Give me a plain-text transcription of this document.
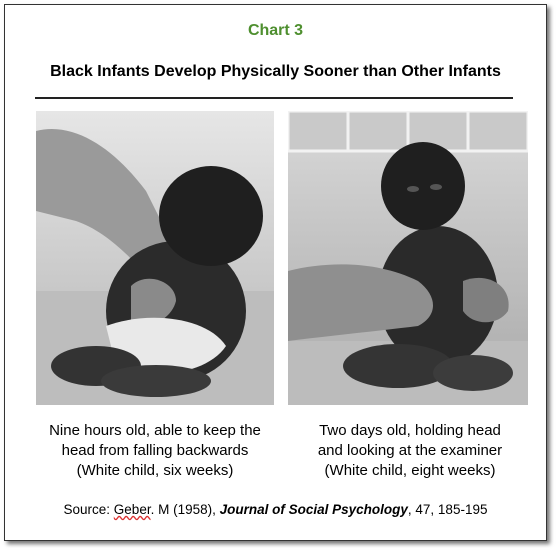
Chart 3
Black Infants Develop Physically Sooner than Other Infants
Nine hours old, able to keep the
head from falling backwards
(White child, six weeks)
Two days old, holding head
and looking at the examiner
(White child, eight weeks)
Source: Geber. M (1958), Journal of Social Psychology, 47, 185-195
